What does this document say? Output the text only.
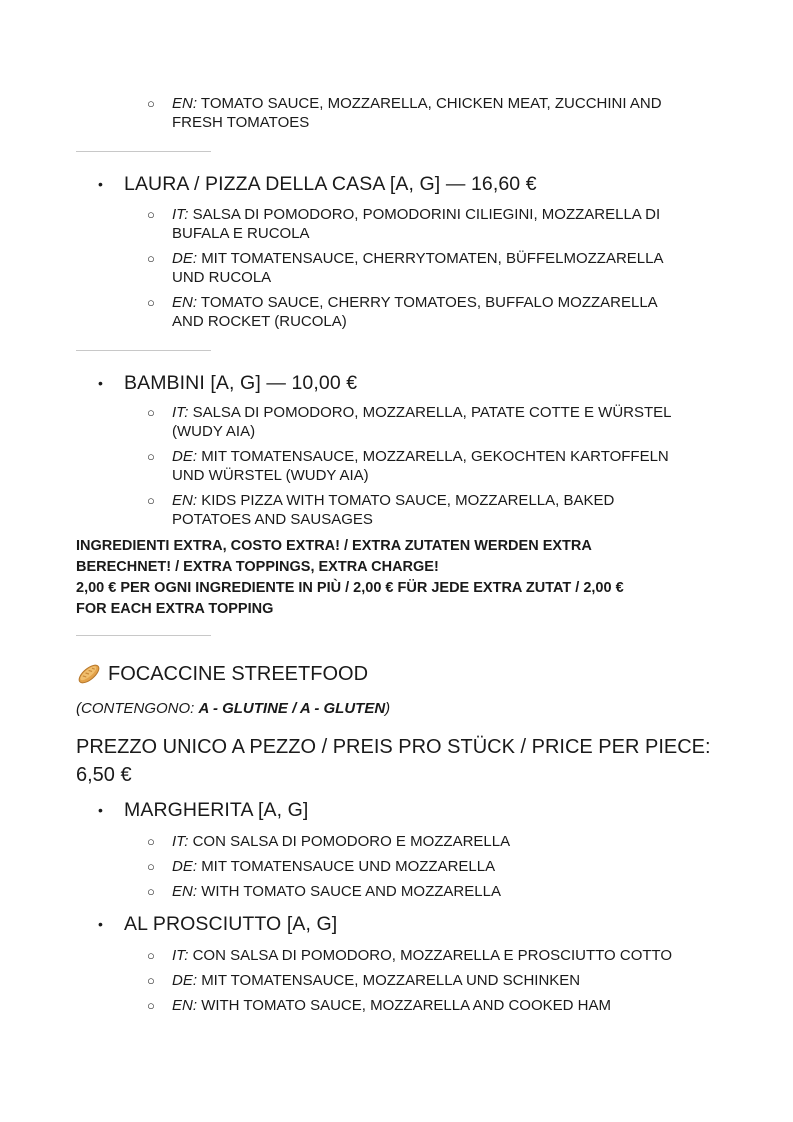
○ EN: TOMATO SAUCE, MOZZARELLA, CHICKEN MEAT, ZUCCHINI AND
FRESH TOMATOES
• LAURA / PIZZA DELLA CASA [A, G] — 16,60 €
○ IT: SALSA DI POMODORO, POMODORINI CILIEGINI, MOZZARELLA DI
BUFALA E RUCOLA
○ DE: MIT TOMATENSAUCE, CHERRYTOMATEN, BÜFFELMOZZARELLA
UND RUCOLA
○ EN: TOMATO SAUCE, CHERRY TOMATOES, BUFFALO MOZZARELLA
AND ROCKET (RUCOLA)
• BAMBINI [A, G] — 10,00 €
○ IT: SALSA DI POMODORO, MOZZARELLA, PATATE COTTE E WÜRSTEL
(WUDY AIA)
○ DE: MIT TOMATENSAUCE, MOZZARELLA, GEKOCHTEN KARTOFFELN
UND WÜRSTEL (WUDY AIA)
○ EN: KIDS PIZZA WITH TOMATO SAUCE, MOZZARELLA, BAKED
POTATOES AND SAUSAGES
INGREDIENTI EXTRA, COSTO EXTRA! / EXTRA ZUTATEN WERDEN EXTRA
BERECHNET! / EXTRA TOPPINGS, EXTRA CHARGE!
2,00 € PER OGNI INGREDIENTE IN PIÙ / 2,00 € FÜR JEDE EXTRA ZUTAT / 2,00 €
FOR EACH EXTRA TOPPING
FOCACCINE STREETFOOD
(CONTENGONO: A - GLUTINE / A - GLUTEN)
PREZZO UNICO A PEZZO / PREIS PRO STÜCK / PRICE PER PIECE:
6,50 €
• MARGHERITA [A, G]
○ IT: CON SALSA DI POMODORO E MOZZARELLA
○ DE: MIT TOMATENSAUCE UND MOZZARELLA
○ EN: WITH TOMATO SAUCE AND MOZZARELLA
• AL PROSCIUTTO [A, G]
○ IT: CON SALSA DI POMODORO, MOZZARELLA E PROSCIUTTO COTTO
○ DE: MIT TOMATENSAUCE, MOZZARELLA UND SCHINKEN
○ EN: WITH TOMATO SAUCE, MOZZARELLA AND COOKED HAM
